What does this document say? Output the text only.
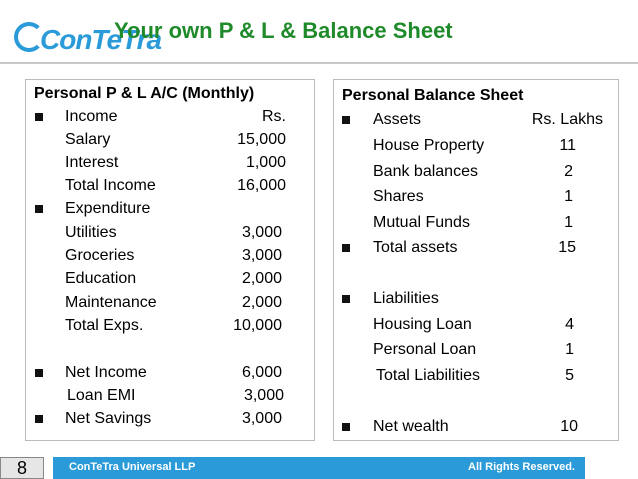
ConTeTra
Your own P & L & Balance Sheet
Personal P & L A/C (Monthly)
Income	Rs.
Salary	15,000
Interest	1,000
Total Income	16,000
Expenditure
Utilities	3,000
Groceries	3,000
Education	2,000
Maintenance	2,000
Total Exps.	10,000
Net Income	6,000
Loan EMI	3,000
Net Savings	3,000
Personal Balance Sheet
Assets	Rs. Lakhs
House Property	11
Bank balances	2
Shares	1
Mutual Funds	1
Total assets	15
Liabilities
Housing Loan	4
Personal Loan	1
Total Liabilities	5
Net wealth	10
8	ConTeTra Universal LLP	All Rights Reserved.
